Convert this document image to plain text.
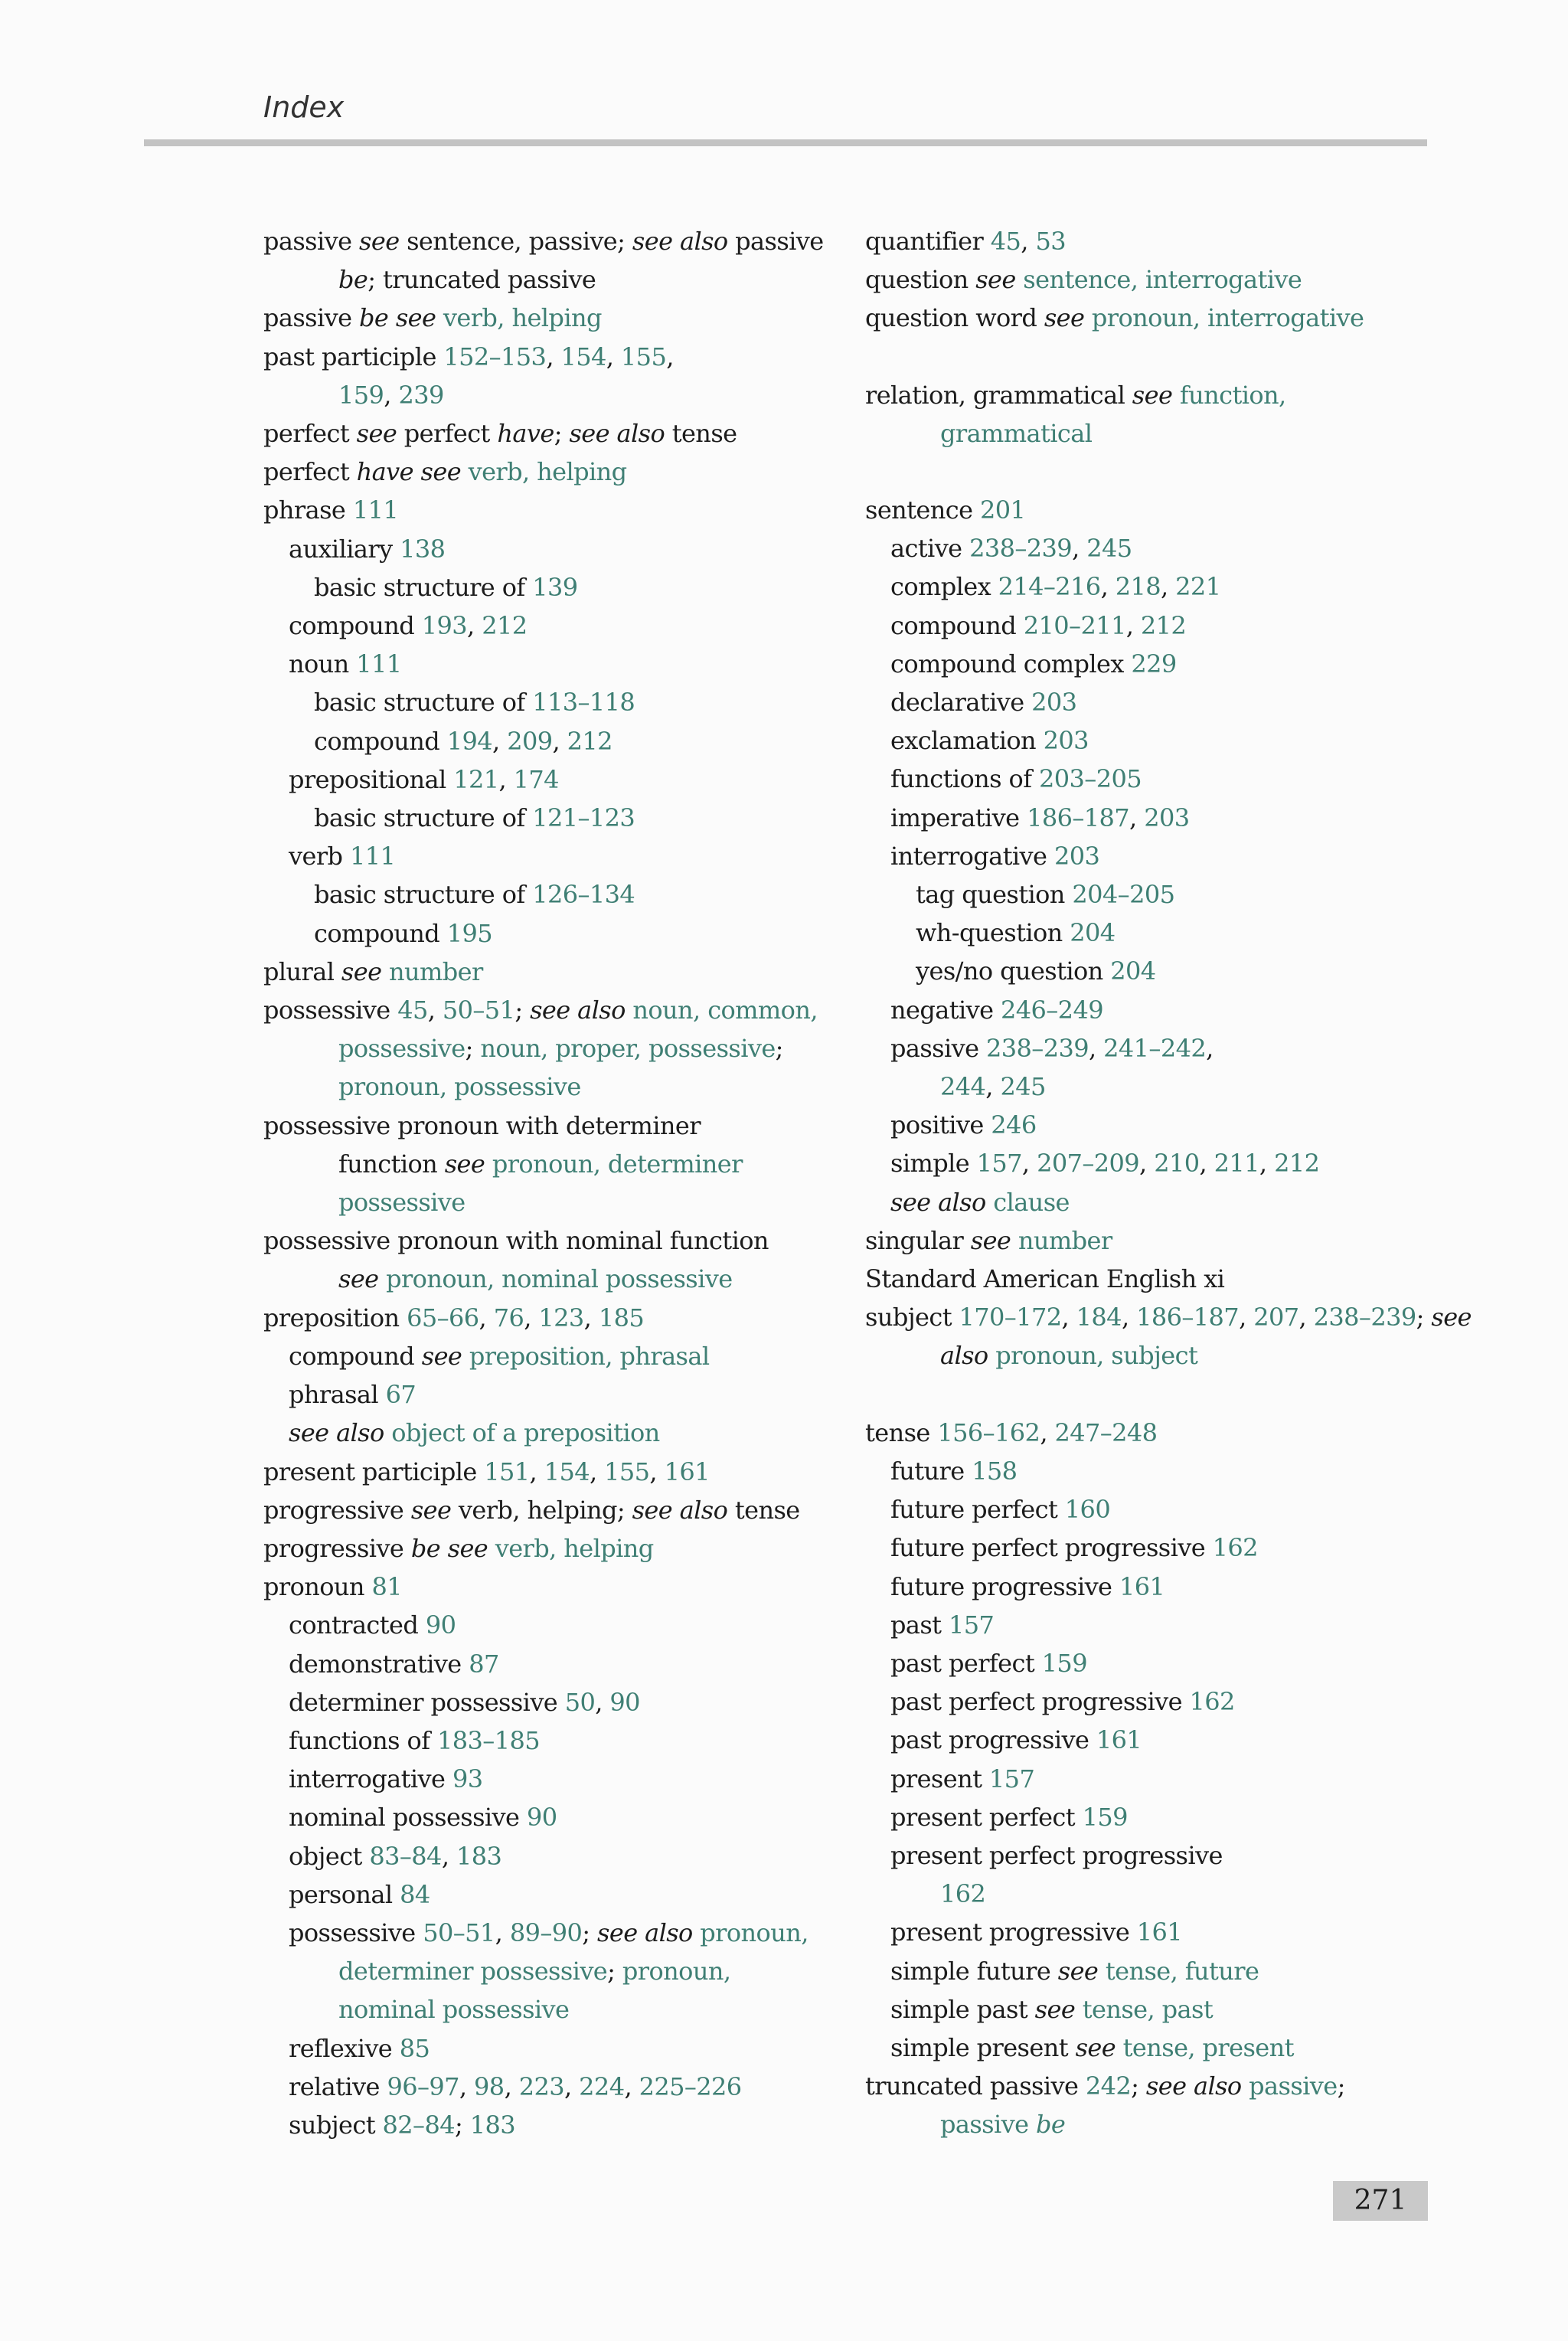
Index
passive see sentence, passive; see also passive
be; truncated passive
passive be see verb, helping
past participle 152–153, 154, 155,
159, 239
perfect see perfect have; see also tense
perfect have see verb, helping
phrase 111
auxiliary 138
basic structure of 139
compound 193, 212
noun 111
basic structure of 113–118
compound 194, 209, 212
prepositional 121, 174
basic structure of 121–123
verb 111
basic structure of 126–134
compound 195
plural see number
possessive 45, 50–51; see also noun, common,
possessive; noun, proper, possessive;
pronoun, possessive
possessive pronoun with determiner
function see pronoun, determiner
possessive
possessive pronoun with nominal function
see pronoun, nominal possessive
preposition 65–66, 76, 123, 185
compound see preposition, phrasal
phrasal 67
see also object of a preposition
present participle 151, 154, 155, 161
progressive see verb, helping; see also tense
progressive be see verb, helping
pronoun 81
contracted 90
demonstrative 87
determiner possessive 50, 90
functions of 183–185
interrogative 93
nominal possessive 90
object 83–84, 183
personal 84
possessive 50–51, 89–90; see also pronoun,
determiner possessive; pronoun,
nominal possessive
reflexive 85
relative 96–97, 98, 223, 224, 225–226
subject 82–84; 183
quantifier 45, 53
question see sentence, interrogative
question word see pronoun, interrogative
relation, grammatical see function,
grammatical
sentence 201
active 238–239, 245
complex 214–216, 218, 221
compound 210–211, 212
compound complex 229
declarative 203
exclamation 203
functions of 203–205
imperative 186–187, 203
interrogative 203
tag question 204–205
wh‑question 204
yes/no question 204
negative 246–249
passive 238–239, 241–242,
244, 245
positive 246
simple 157, 207–209, 210, 211, 212
see also clause
singular see number
Standard American English xi
subject 170–172, 184, 186–187, 207, 238–239; see
also pronoun, subject
tense 156–162, 247–248
future 158
future perfect 160
future perfect progressive 162
future progressive 161
past 157
past perfect 159
past perfect progressive 162
past progressive 161
present 157
present perfect 159
present perfect progressive
162
present progressive 161
simple future see tense, future
simple past see tense, past
simple present see tense, present
truncated passive 242; see also passive;
passive be
271
